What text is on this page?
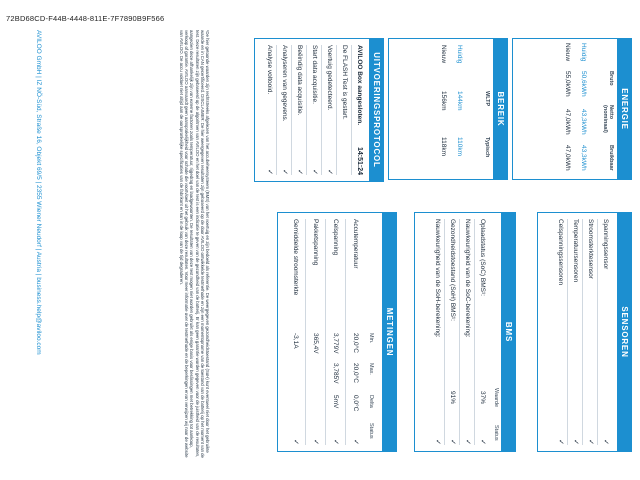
72BD68CD-F44B-4448-811E-7F7890B9F566
ENERGIE
Bruto
Netto (nominaal)
Bruikbaar
Huidig
50,6kWh
43,3kWh
43,3kWh
Nieuw
55,0kWh
47,0kWh
47,0kWh
BEREIK
WLTP
Typisch
Huidig
144km
110km
Nieuw
156km
118km
UITVOERINGSPROTOCOL
AVILOO Box aangesloten.
14:51:24
De FLASH Test is gestart.
Voertuig gedetecteerd.
✓
Start data acquisitie.
✓
Beëindig data acquisitie.
✓
Analyseren van gegevens.
✓
Analyse voltooid.
✓
SENSOREN
Spanningssensor
✓
Stroomsterktesensor
✓
Temperatuursensoren
✓
Celspanningssensoren
✓
BMS
Waarde
Status
Oplaadstatus (SoC) BMS¹:
37%
✓
Nauwkeurigheid van de SoC-berekening:
✓
Gezondheidstoestand (SoH) BMS¹:
91%
✓
Nauwkeurigheid van de SoH-berekening:
✓
METINGEN
Min.
Max.
Delta
Status
Accutemperatuur
20,0°C
20,0°C
0,0°C
✓
Celspanning
3,779V
3,785V
5mV
✓
Pakketspanning
365,4V
✓
Gemiddelde stroomsterkte
-3,1A
✓
¹De hier getoonde waarden zijn rechtstreeks afgelezen van het accubeheersysteem (BMS) van het voertuig en zijn bedoeld als referentie. De weergegeven gezondheidstoestand (SoH) kunt eventueel niet door het gebruikte waarde en in CAN gecertificeerd. DISCLAIMER: De hier weergegeven resultaten zijn gebaseerd op de door AVILOO ontwikkelde testmethode en zijn een momentopname van de toestand van de batterij op het moment van de test. Deze resultaten zijn gebaseerd op de algoritmen van AVILOO en het doel van de test is een indicatie te geven van de gezondheid van de batterij. Er kan geen garantie worden gegeven voor de juistheid van de resultaten, aangezien deze afhankelijk zijn van externe factoren zoals temperatuur, rijgedrag en laadgewoonten. De resultaten van deze test mogen niet worden gebruikt als enige basis voor beslissingen met betrekking tot aankoop, verkoop of garantie. AVILOO aanvaardt geen aansprakelijkheid voor schade die voortvloeit uit het gebruik van deze resultaten. Voor meer informatie over de testmethode en de beperkingen ervan verwijzen wij naar de website van AVILOO. De accu voldoet niet altijd aan de oorspronkelijke specificaties van de fabrikant en kan in de loop van de tijd degraderen.
AVILOO GmbH | IZ NÖ-Süd, Straße 16, Objekt 69/5 | 2355 Wiener Neudorf | Austria | business.help@aviloo.com
